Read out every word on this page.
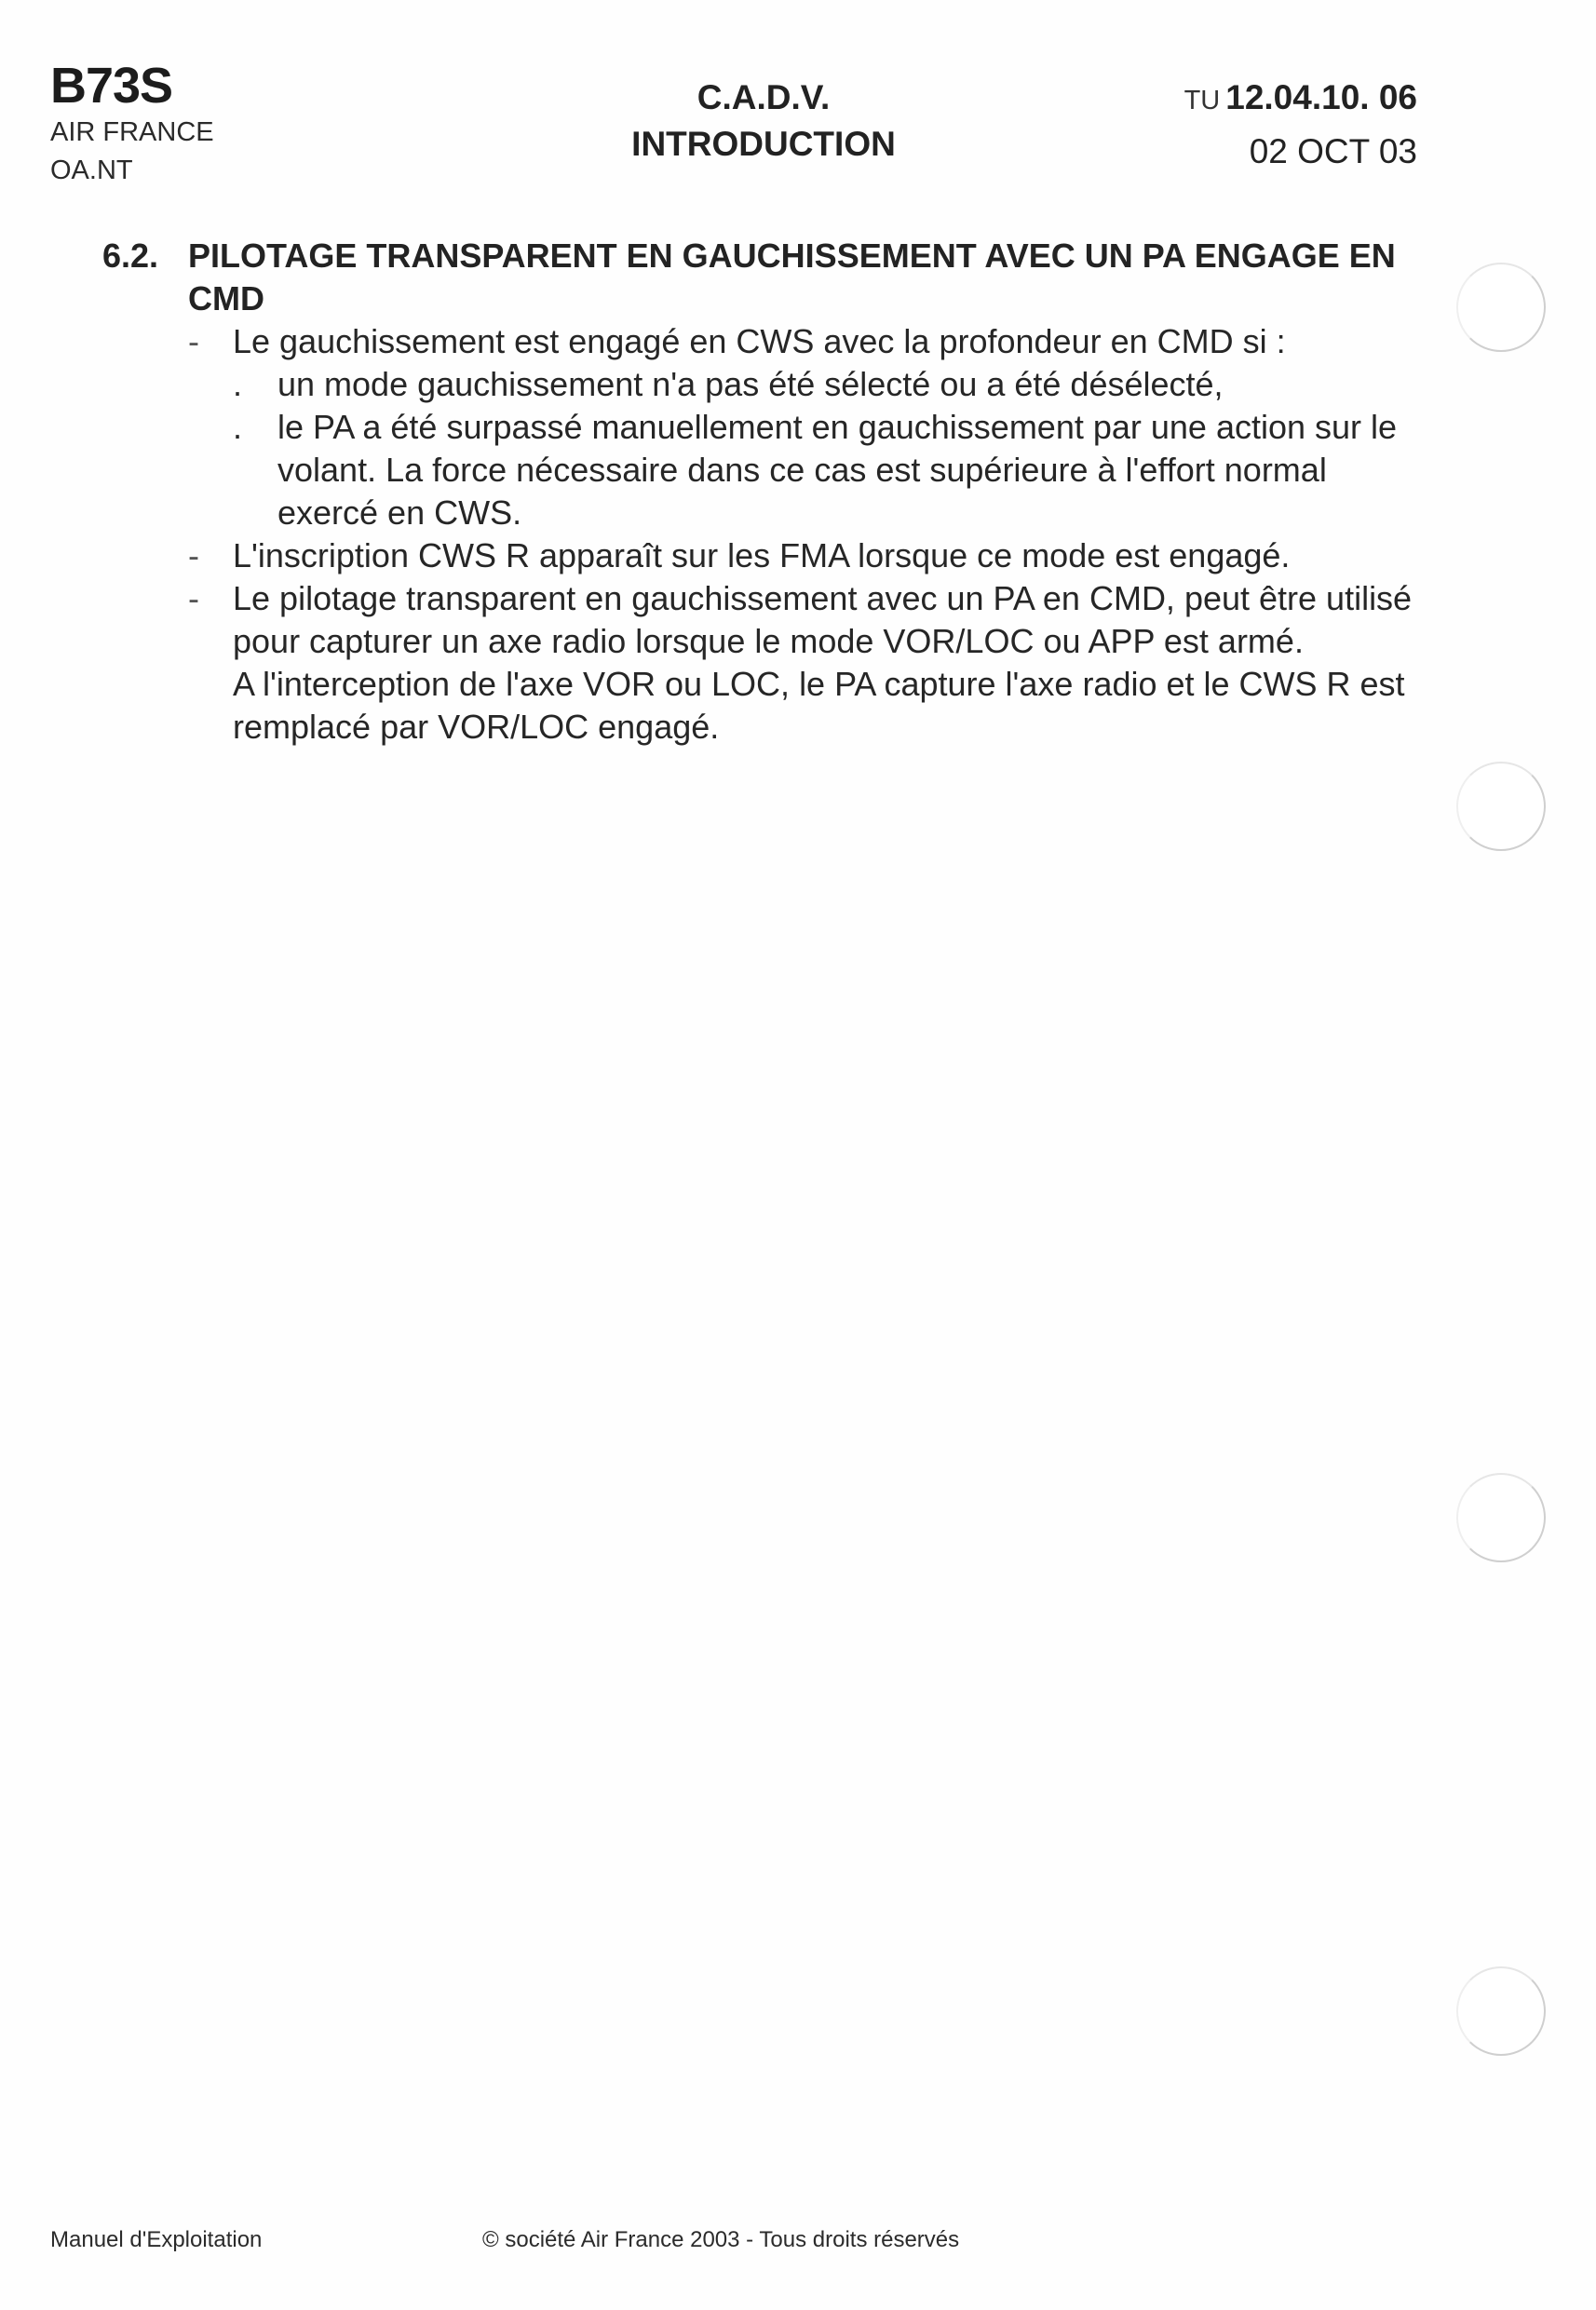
B73S
AIR FRANCE
OA.NT
C.A.D.V.
INTRODUCTION
TU 12.04.10. 06
02 OCT 03
6.2. PILOTAGE TRANSPARENT EN GAUCHISSEMENT AVEC UN PA ENGAGE EN CMD
-	Le gauchissement est engagé en CWS avec la profondeur en CMD si :
.	un mode gauchissement n'a pas été sélecté ou a été désélecté,
.	le PA a été surpassé manuellement en gauchissement par une action sur le volant. La force nécessaire dans ce cas est supérieure à l'effort normal exercé en CWS.
-	L'inscription CWS R apparaît sur les FMA lorsque ce mode est engagé.
-	Le pilotage transparent en gauchissement avec un PA en CMD, peut être utilisé pour capturer un axe radio lorsque le mode VOR/LOC ou APP est armé.
A l'interception de l'axe VOR ou LOC, le PA capture l'axe radio et le CWS R est remplacé par VOR/LOC engagé.
Manuel d'Exploitation	© société Air France 2003 - Tous droits réservés
